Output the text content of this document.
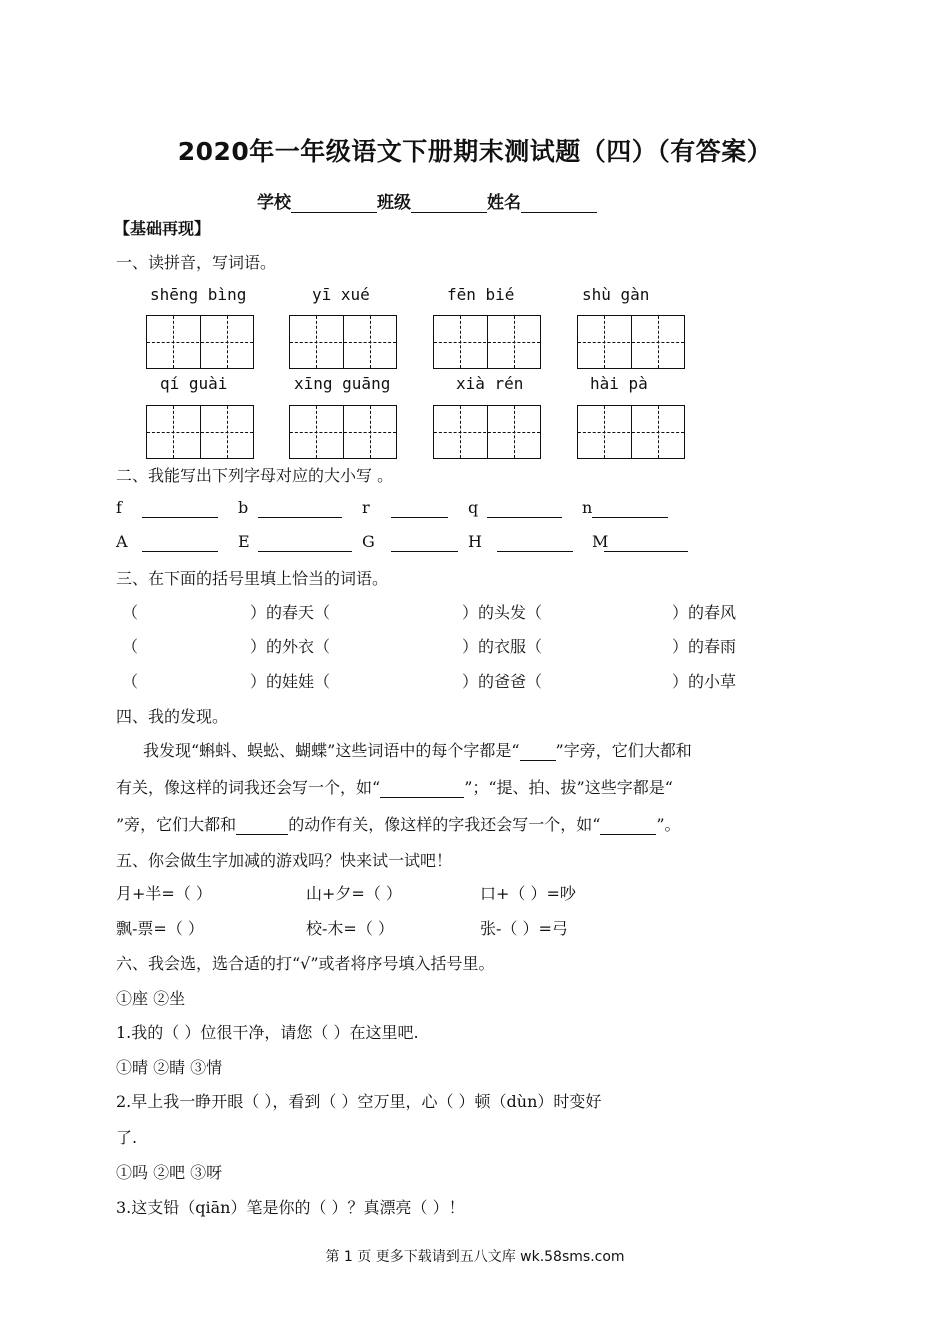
2020年一年级语文下册期末测试题（四）（有答案）
学校	班级	姓名
【基础再现】
一、读拼音，写词语。
shēng bìng	yī xué	fēn bié	shù gàn
qí guài	xīng guāng	xià rén	hài pà
二、我能写出下列字母对应的大小写 。
f	b	r	q	n
A	E	G	H	M
三、在下面的括号里填上恰当的词语。
（	）的春天（	）的头发（	）的春风
（	）的外衣（	）的衣服（	）的春雨
（	）的娃娃（	）的爸爸（	）的小草
四、我的发现。
我发现“蝌蚪、蜈蚣、蝴蝶”这些词语中的每个字都是“ ”字旁，它们大都和
有关，像这样的词我还会写一个，如“	”；“提、拍、拔”这些字都是“
”旁，它们大都和	的动作有关，像这样的字我还会写一个，如“	”。
五、你会做生字加减的游戏吗？快来试一试吧！
月+半=（ ）	山+夕=（ ）	口+（ ）=吵
飘-票=（ ）	校-木=（ ）	张-（ ）=弓
六、我会选，选合适的打“√”或者将序号填入括号里。
①座 ②坐
1.我的（ ）位很干净，请您（ ）在这里吧.
①晴 ②睛 ③情
2.早上我一睁开眼（ ），看到（ ）空万里，心（ ）顿（dùn）时变好
了.
①吗 ②吧 ③呀
3.这支铅（qiān）笔是你的（ ）？真漂亮（ ）！
第 1 页 更多下载请到五八文库 wk.58sms.com
